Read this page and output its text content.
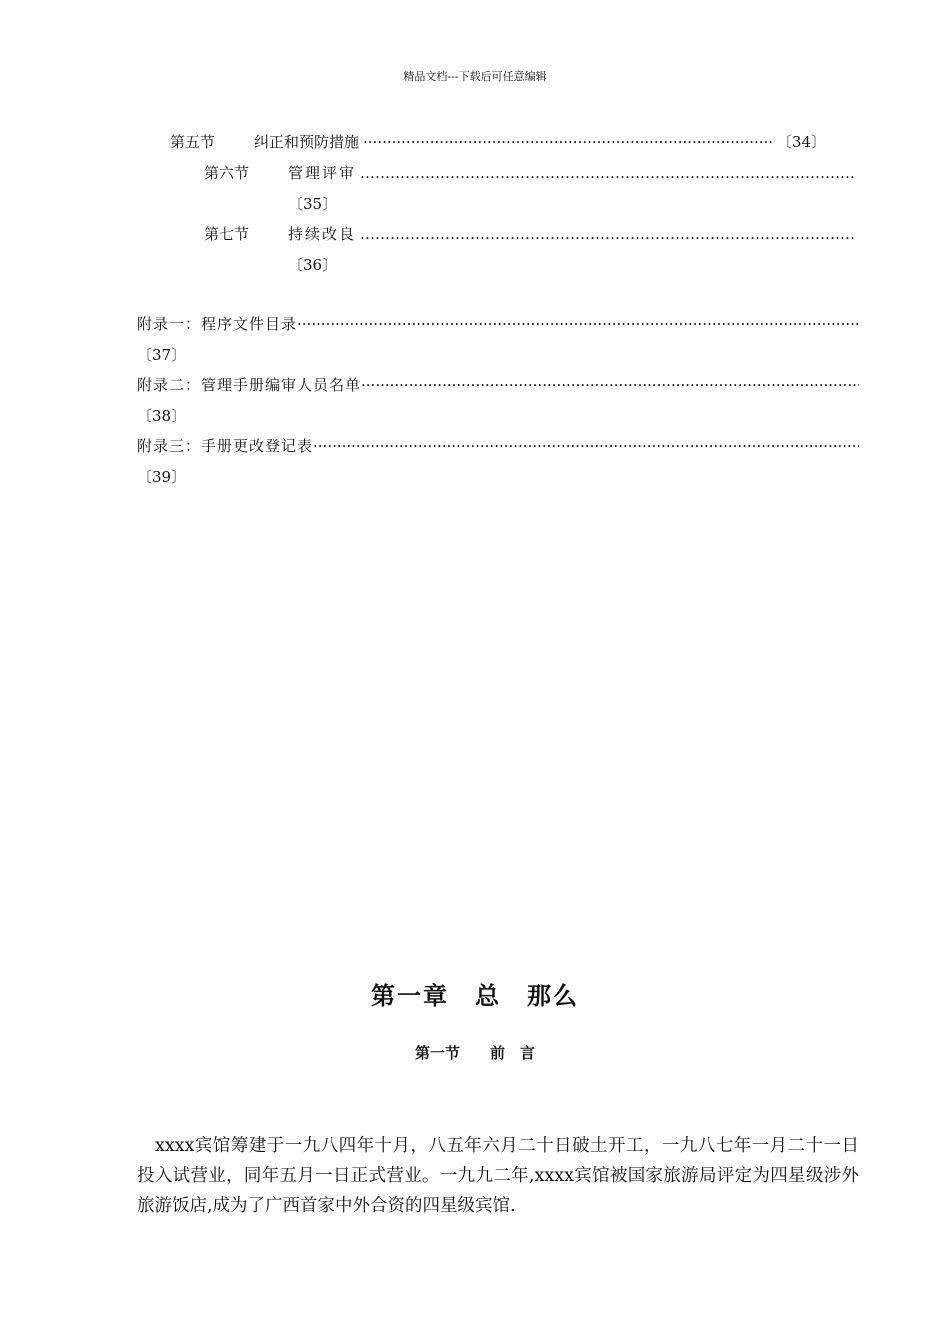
精品文档---下载后可任意编辑
第五节	纠正和预防措施
·····	〔34〕
第六节	管理评审
………………………………………………………………………………………………………………………………………………
〔35〕
第七节	持续改良
………………………………………………………………………………………………………………………………………………
〔36〕
附录一：程序文件目录
·····
〔37〕
附录二：管理手册编审人员名单
·····
〔38〕
附录三：手册更改登记表
·····
〔39〕
第一章　总　那么
第一节　　前　言
xxxx宾馆筹建于一九八四年十月，八五年六月二十日破土开工，一九八七年一月二十一日投入试营业，同年五月一日正式营业。一九九二年,xxxx宾馆被国家旅游局评定为四星级涉外旅游饭店,成为了广西首家中外合资的四星级宾馆.
